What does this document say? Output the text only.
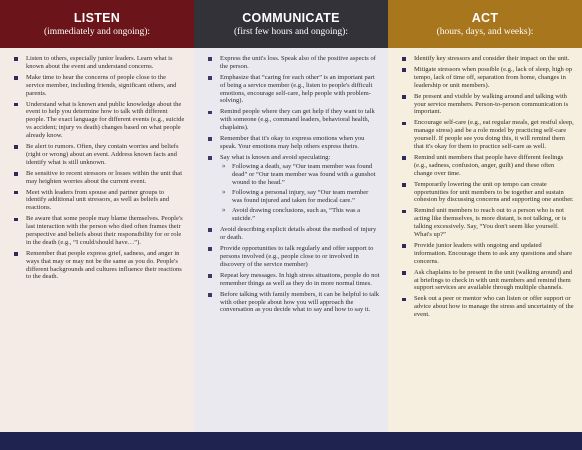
LISTEN
(immediately and ongoing):
Listen to others, especially junior leaders. Learn what is known about the event and understand concerns.
Make time to hear the concerns of people close to the service member, including friends, significant others, and parents.
Understand what is known and public knowledge about the event to help you determine how to talk with different people. The exact language for different events (e.g., suicide vs accident; injury vs death) changes based on what people already know.
Be alert to rumors. Often, they contain worries and beliefs (right or wrong) about an event. Address known facts and identify what is still unknown.
Be sensitive to recent stressors or losses within the unit that may heighten worries about the current event.
Meet with leaders from spouse and partner groups to identify additional unit stressors, as well as beliefs and reactions.
Be aware that some people may blame themselves. People's last interaction with the person who died often frames their perspective and beliefs about their responsibility for or role in the death (e.g., “I could/should have…”).
Remember that people express grief, sadness, and anger in ways that may or may not be the same as you do. People's different backgrounds and cultures influence their reactions to the death.
COMMUNICATE
(first few hours and ongoing):
Express the unit's loss. Speak also of the positive aspects of the person.
Emphasize that “caring for each other” is an important part of being a service member (e.g., listen to people's difficult emotions, encourage self-care, help people with problem-solving).
Remind people where they can get help if they want to talk with someone (e.g., command leaders, behavioral health, chaplains).
Remember that it's okay to express emotions when you speak. Your emotions may help others express theirs.
Say what is known and avoid speculating:
» Following a death, say “Our team member was found dead” or “Our team member was found with a gunshot wound to the head.”
» Following a personal injury, say “Our team member was found injured and taken for medical care.”
» Avoid drawing conclusions, such as, “This was a suicide.”
Avoid describing explicit details about the method of injury or death.
Provide opportunities to talk regularly and offer support to persons involved (e.g., people close to or involved in discovery of the service member)
Repeat key messages. In high stress situations, people do not remember things as well as they do in more normal times.
Before talking with family members, it can be helpful to talk with other people about how you will approach the conversation as you decide what to say and how to say it.
ACT
(hours, days, and weeks):
Identify key stressors and consider their impact on the unit.
Mitigate stressors when possible (e.g., lack of sleep, high op tempo, lack of time off, separation from home, changes in leadership or unit members).
Be present and visible by walking around and talking with your service members. Person-to-person communication is important.
Encourage self-care (e.g., eat regular meals, get restful sleep, manage stress) and be a role model by practicing self-care yourself. If people see you doing this, it will remind them that it's okay for them to practice self-care as well.
Remind unit members that people have different feelings (e.g., sadness, confusion, anger, guilt) and these often change over time.
Temporarily lowering the unit op tempo can create opportunities for unit members to be together and sustain cohesion by discussing concerns and supporting one another.
Remind unit members to reach out to a person who is not acting like themselves, is more distant, is not talking, or is talking excessively. Say, “You don't seem like yourself. What's up?”
Provide junior leaders with ongoing and updated information. Encourage them to ask any questions and share concerns.
Ask chaplains to be present in the unit (walking around) and at briefings to check in with unit members and remind them support services are available through multiple channels.
Seek out a peer or mentor who can listen or offer support or advice about how to manage the stress and uncertainty of the event.
